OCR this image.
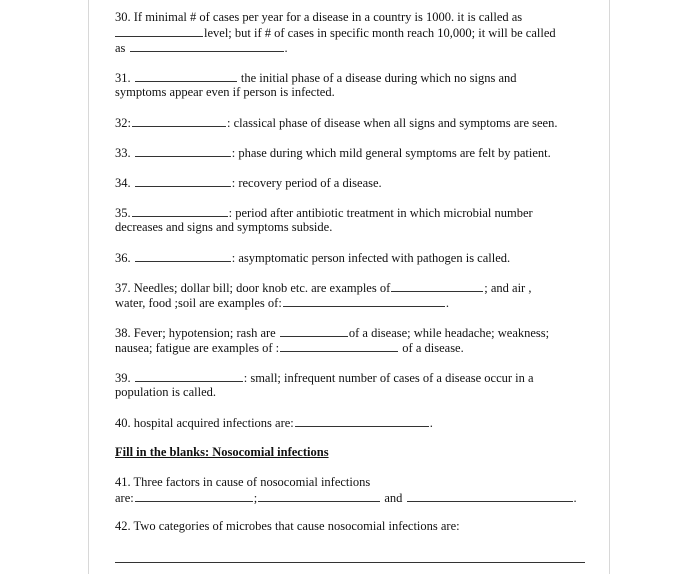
30. If minimal # of cases per year for a disease in a country is 1000. it is called as
level; but if # of cases in specific month reach 10,000; it will be called
as	.
31.	the initial phase of a disease during which no signs and
symptoms appear even if person is infected.
32:	: classical phase of disease when all signs and symptoms are seen.
33.	: phase during which mild general symptoms are felt by patient.
34.	: recovery period of a disease.
35.	: period after antibiotic treatment in which microbial number
decreases and signs and symptoms subside.
36.	: asymptomatic person infected with pathogen is called.
37. Needles; dollar bill; door knob etc. are examples of	; and air ,
water, food ;soil are examples of:	.
38. Fever; hypotension; rash are	of a disease; while headache; weakness;
nausea; fatigue are examples of :	of a disease.
39.	: small; infrequent number of cases of a disease occur in a
population is called.
40. hospital acquired infections are:	.
Fill in the blanks: Nosocomial infections
41. Three factors in cause of nosocomial infections
are:	;	and	.
42. Two categories of microbes that cause nosocomial infections are:
